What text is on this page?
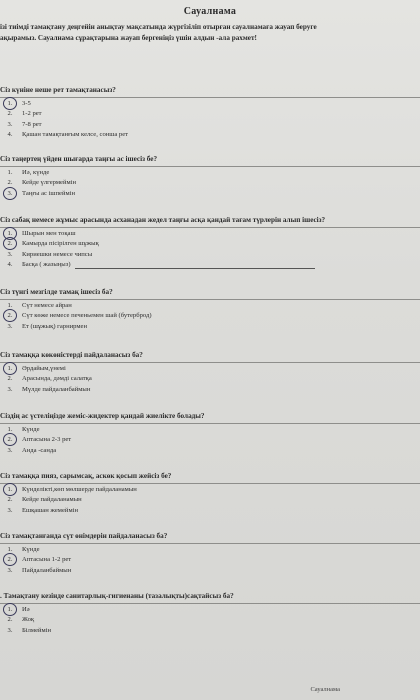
Сауалнама
ізі тиімді тамақтану деңгейін анықтау мақсатында жүргізіліп отырған сауалнамаға жауап беруге
ақырамыз. Сауалнама сұрақтарына жауап бергеніңіз үшін алдын -ала рахмет!
Сіз күніне неше рет тамақтанасыз?
1.	3-5
2.	1-2 рет
3.	7-8 рет
4.	Қашан тамақтанғым келсе, сонша рет
Сіз таңертең үйден шығарда таңғы ас ішесіз бе?
1.	Иә, күнде
2.	Кейде үлгермеймін
3.	Таңғы ас ішпеймін
Сіз сабақ немесе жұмыс арасында асханадан жедел таңғы асқа қандай тағам түрлерін алып ішесіз?
1.	Шырын мен тоқаш
2.	Камырда пісірілген шұжық
3.	Кириешки немесе чипсы
4.	Басқа ( жазыңыз)
Сіз түнгі мезгілде тамақ ішесіз ба?
1.	Сүт немесе айран
2.	Сүт көже немесе печеньемен шай (бутерброд)
3.	Ет (шұжық) гарнирмен
Сіз тамаққа көкөністерді пайдаланасыз ба?
1.	Әрдайым,үнемі
2.	Арасында, дәмді салатқа
3.	Мүлде пайдаланбаймын
Сіздің ас үстеліңізде жеміс-жидектер қандай жиелікте болады?
1.	Күнде
2.	Аптасына 2-3 рет
3.	Анда -санда
Сіз тамаққа пияз, сарымсақ, аскөк қосып жейсіз бе?
1.	Күнделікті,көп мөлшерде пайдаланамын
2.	Кейде пайдаланамын
3.	Ешқашан жемеймін
Сіз тамақтанғанда сүт өнімдерін пайдаланасыз ба?
1.	Күнде
2.	Аптасына 1-2 рет
3.	Пайдаланбаймын
. Тамақтану кезінде санитарлық-гигиенаны (тазалықты)сақтайсыз ба?
1.	Иә
2.	Жоқ
3.	Білмеймін
Сауалнама
